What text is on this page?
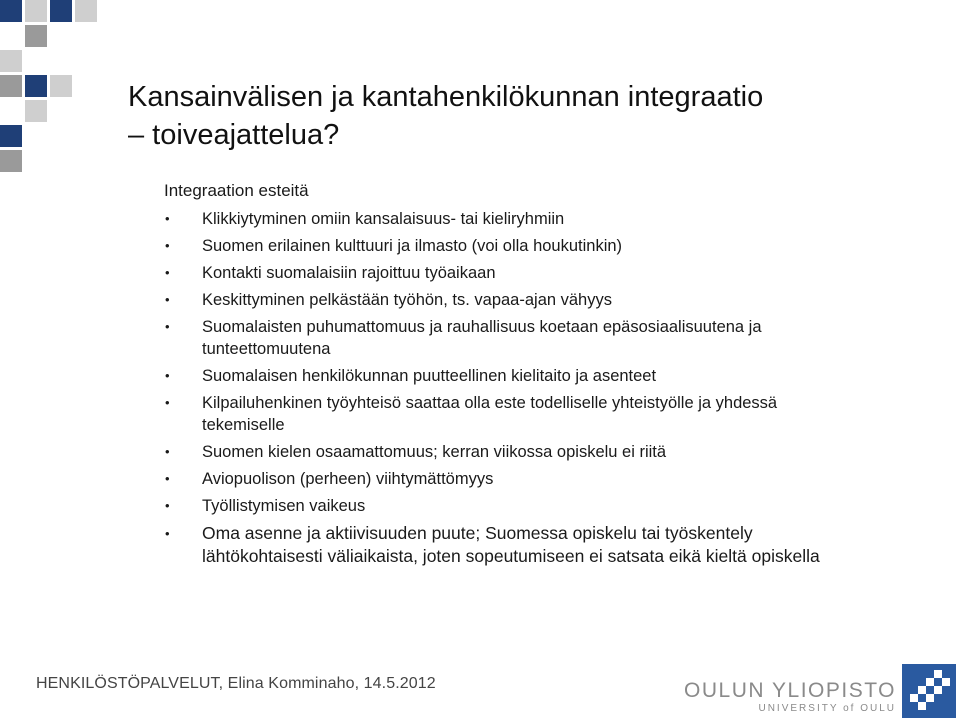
Kansainvälisen ja kantahenkilökunnan integraatio
– toiveajattelua?
Integraation esteitä
• Klikkiytyminen omiin kansalaisuus- tai kieliryhmiin
• Suomen erilainen kulttuuri ja ilmasto (voi olla houkutinkin)
• Kontakti suomalaisiin rajoittuu työaikaan
• Keskittyminen pelkästään työhön, ts. vapaa-ajan vähyys
• Suomalaisten puhumattomuus ja rauhallisuus koetaan epäsosiaalisuutena ja tunteettomuutena
• Suomalaisen henkilökunnan puutteellinen kielitaito ja asenteet
• Kilpailuhenkinen työyhteisö saattaa olla este todelliselle yhteistyölle ja yhdessä tekemiselle
• Suomen kielen osaamattomuus; kerran viikossa opiskelu ei riitä
• Aviopuolison (perheen) viihtymättömyys
• Työllistymisen vaikeus
• Oma asenne ja aktiivisuuden puute; Suomessa opiskelu tai työskentely lähtökohtaisesti väliaikaista, joten sopeutumiseen ei satsata eikä kieltä opiskella
HENKILÖSTÖPALVELUT, Elina Komminaho, 14.5.2012	OULUN YLIOPISTO
UNIVERSITY of OULU
